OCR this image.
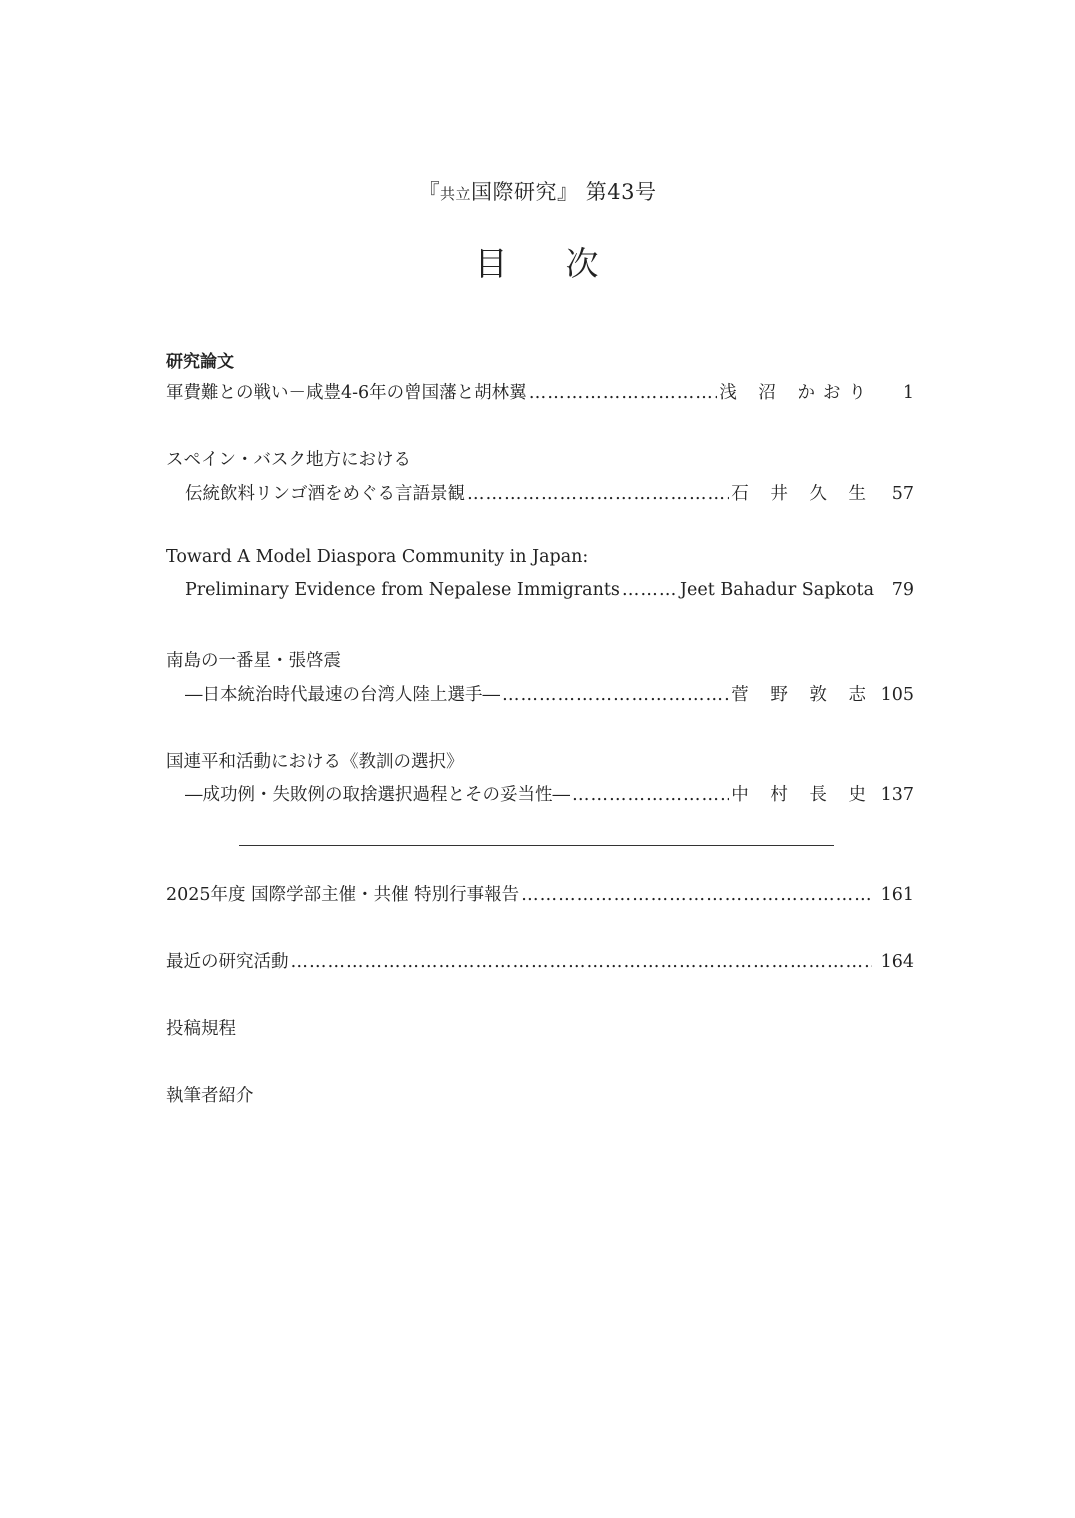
『共立国際研究』 第43号
目 次
研究論文
軍費難との戦い－咸豊4-6年の曾国藩と胡林翼 ………………………………………………………………………………………………………………………………………………………	浅 沼 かおり	1
スペイン・バスク地方における
伝統飲料リンゴ酒をめぐる言語景観 ………………………………………………………………………………………………………………………………………………………	石 井 久 生	57
Toward A Model Diaspora Community in Japan:
Preliminary Evidence from Nepalese Immigrants ………………………………………………………………………………………………………………………………………………………	Jeet Bahadur Sapkota	79
南島の一番星・張啓震
―日本統治時代最速の台湾人陸上選手― ………………………………………………………………………………………………………………………………………………………	菅 野 敦 志 105
国連平和活動における《教訓の選択》
―成功例・失敗例の取捨選択過程とその妥当性― ………………………………………………………………………………………………………………………………………………………	中 村 長 史 137
2025年度 国際学部主催・共催 特別行事報告 ………………………………………………………………………………………………………………………………………………………	161
最近の研究活動 ………………………………………………………………………………………………………………………………………………………	164
投稿規程
執筆者紹介
